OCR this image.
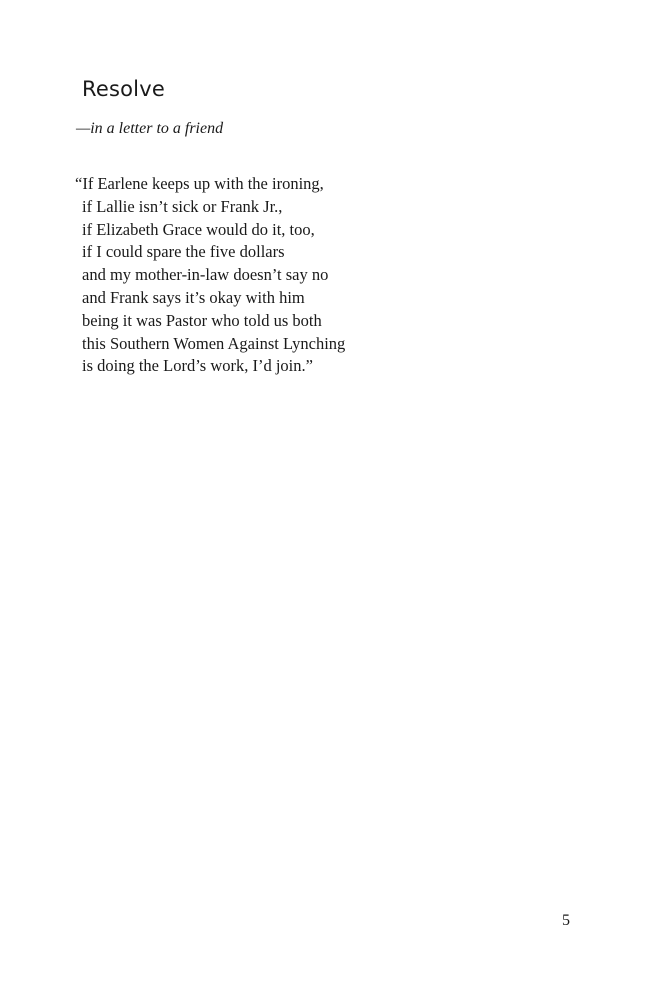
Resolve

—in a letter to a friend

“If Earlene keeps up with the ironing,
if Lallie isn’t sick or Frank Jr.,
if Elizabeth Grace would do it, too,
if I could spare the five dollars
and my mother-in-law doesn’t say no
and Frank says it’s okay with him
being it was Pastor who told us both
this Southern Women Against Lynching
is doing the Lord’s work, I’d join.”
5
